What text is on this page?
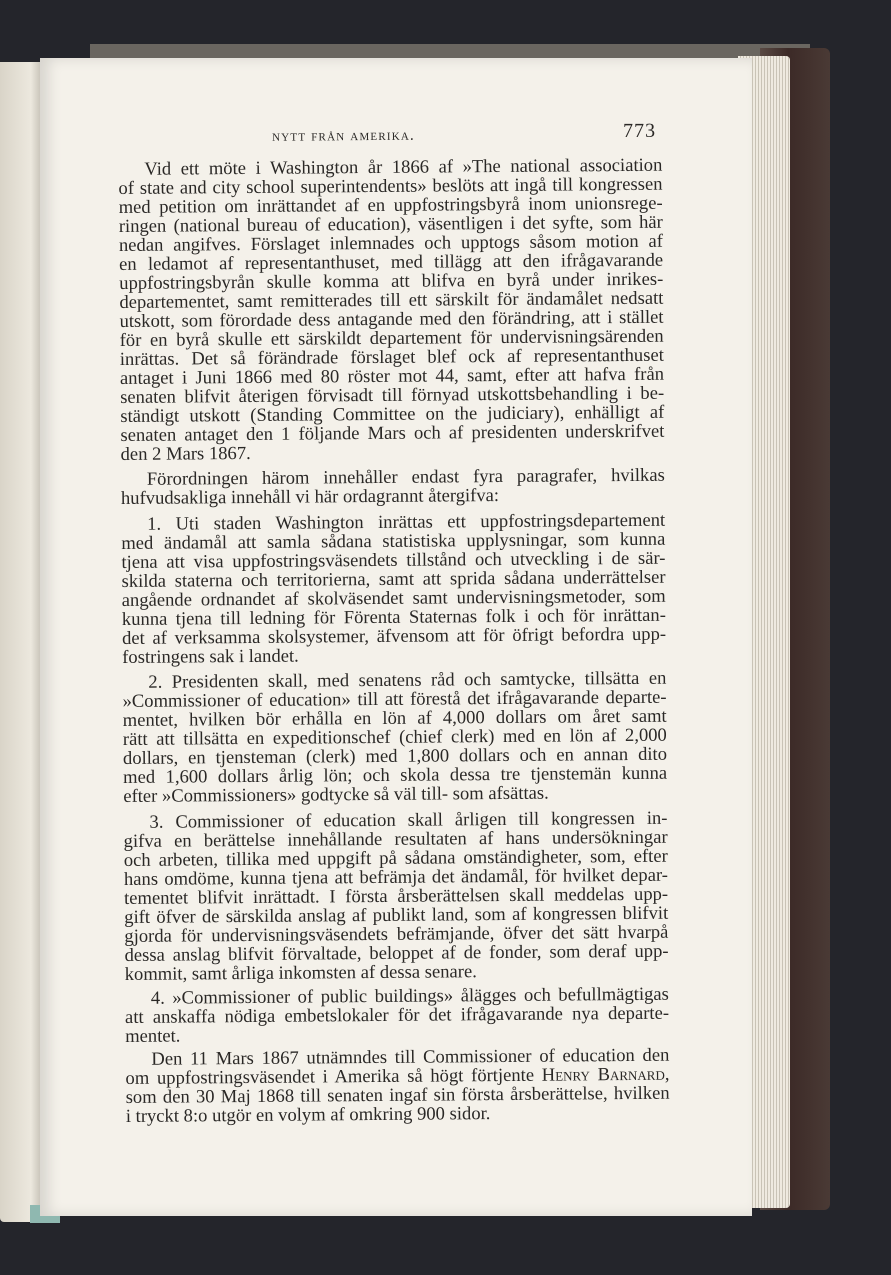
nytt från amerika.	773
Vid ett möte i Washington år 1866 af »The national association
of state and city school superintendents» beslöts att ingå till kongressen
med petition om inrättandet af en uppfostringsbyrå inom unionsrege-
ringen (national bureau of education), väsentligen i det syfte, som här
nedan angifves. Förslaget inlemnades och upptogs såsom motion af
en ledamot af representanthuset, med tillägg att den ifrågavarande
uppfostringsbyrån skulle komma att blifva en byrå under inrikes-
departementet, samt remitterades till ett särskilt för ändamålet nedsatt
utskott, som förordade dess antagande med den förändring, att i stället
för en byrå skulle ett särskildt departement för undervisningsärenden
inrättas. Det så förändrade förslaget blef ock af representanthuset
antaget i Juni 1866 med 80 röster mot 44, samt, efter att hafva från
senaten blifvit återigen förvisadt till förnyad utskottsbehandling i be-
ständigt utskott (Standing Committee on the judiciary), enhälligt af
senaten antaget den 1 följande Mars och af presidenten underskrifvet
den 2 Mars 1867.
Förordningen härom innehåller endast fyra paragrafer, hvilkas
hufvudsakliga innehåll vi här ordagrannt återgifva:
1. Uti staden Washington inrättas ett uppfostringsdepartement
med ändamål att samla sådana statistiska upplysningar, som kunna
tjena att visa uppfostringsväsendets tillstånd och utveckling i de sär-
skilda staterna och territorierna, samt att sprida sådana underrättelser
angående ordnandet af skolväsendet samt undervisningsmetoder, som
kunna tjena till ledning för Förenta Staternas folk i och för inrättan-
det af verksamma skolsystemer, äfvensom att för öfrigt befordra upp-
fostringens sak i landet.
2. Presidenten skall, med senatens råd och samtycke, tillsätta en
»Commissioner of education» till att förestå det ifrågavarande departe-
mentet, hvilken bör erhålla en lön af 4,000 dollars om året samt
rätt att tillsätta en expeditionschef (chief clerk) med en lön af 2,000
dollars, en tjensteman (clerk) med 1,800 dollars och en annan dito
med 1,600 dollars årlig lön; och skola dessa tre tjenstemän kunna
efter »Commissioners» godtycke så väl till- som afsättas.
3. Commissioner of education skall årligen till kongressen in-
gifva en berättelse innehållande resultaten af hans undersökningar
och arbeten, tillika med uppgift på sådana omständigheter, som, efter
hans omdöme, kunna tjena att befrämja det ändamål, för hvilket depar-
tementet blifvit inrättadt. I första årsberättelsen skall meddelas upp-
gift öfver de särskilda anslag af publikt land, som af kongressen blifvit
gjorda för undervisningsväsendets befrämjande, öfver det sätt hvarpå
dessa anslag blifvit förvaltade, beloppet af de fonder, som deraf upp-
kommit, samt årliga inkomsten af dessa senare.
4. »Commissioner of public buildings» ålägges och befullmägtigas
att anskaffa nödiga embetslokaler för det ifrågavarande nya departe-
mentet.
Den 11 Mars 1867 utnämndes till Commissioner of education den
om uppfostringsväsendet i Amerika så högt förtjente Henry Barnard,
som den 30 Maj 1868 till senaten ingaf sin första årsberättelse, hvilken
i tryckt 8:o utgör en volym af omkring 900 sidor.
